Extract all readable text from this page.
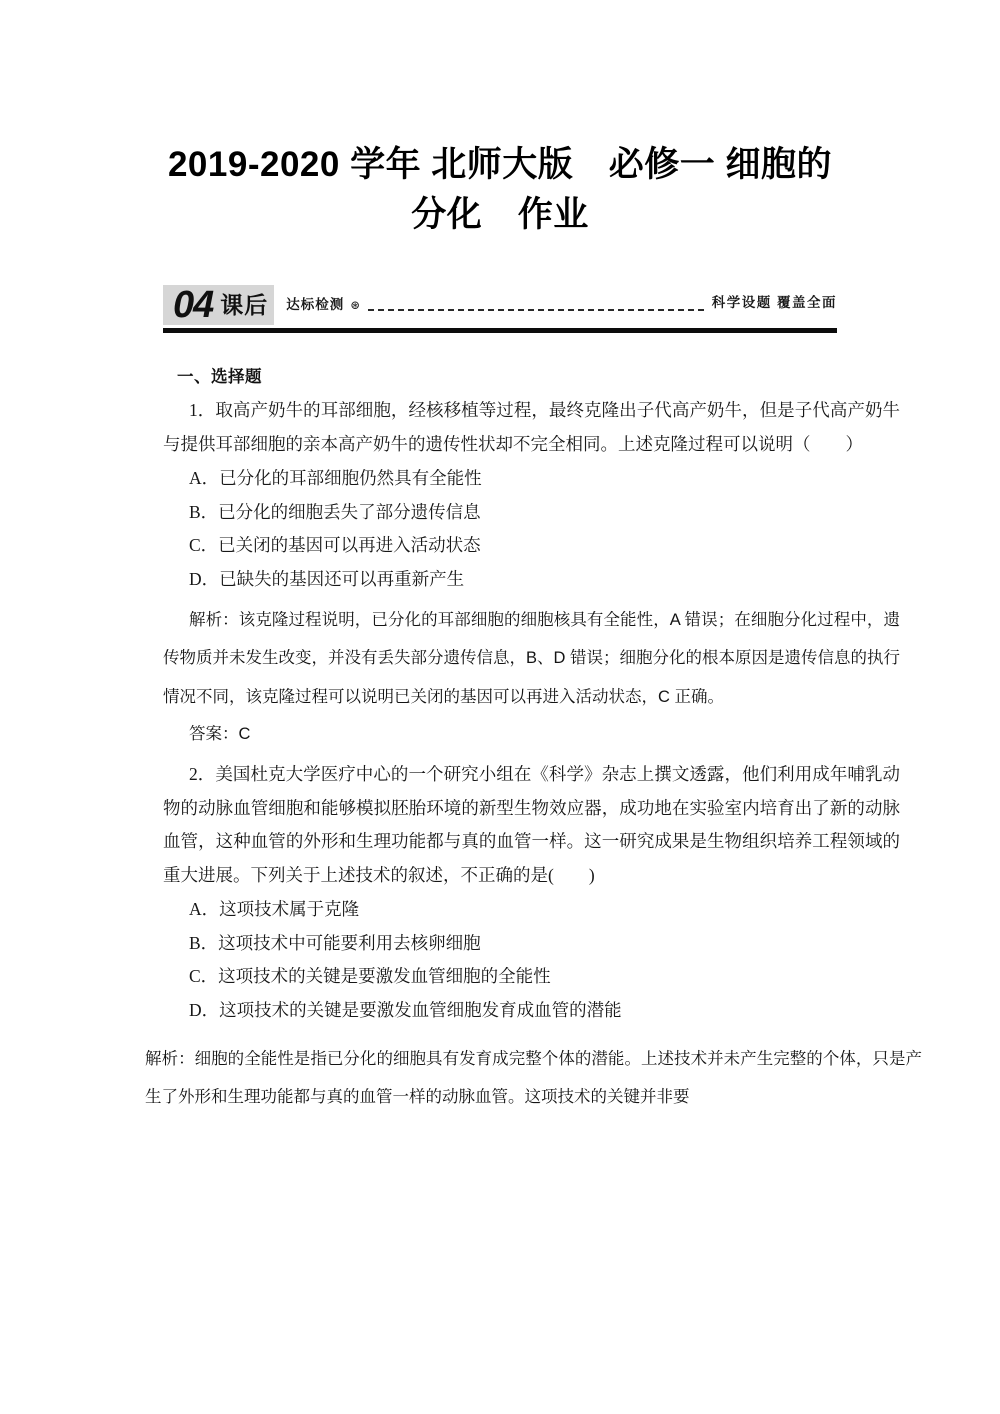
2019-2020 学年 北师大版　必修一 细胞的
分化　作业
04 课后 达标检测 ⊛	科学设题 覆盖全面
一、选择题

1．取高产奶牛的耳部细胞，经核移植等过程，最终克隆出子代高产奶牛，但是子代高产奶牛与提供耳部细胞的亲本高产奶牛的遗传性状却不完全相同。上述克隆过程可以说明（　　）

A．已分化的耳部细胞仍然具有全能性

B．已分化的细胞丢失了部分遗传信息

C．已关闭的基因可以再进入活动状态

D．已缺失的基因还可以再重新产生

解析：该克隆过程说明，已分化的耳部细胞的细胞核具有全能性，A 错误；在细胞分化过程中，遗传物质并未发生改变，并没有丢失部分遗传信息，B、D 错误；细胞分化的根本原因是遗传信息的执行情况不同，该克隆过程可以说明已关闭的基因可以再进入活动状态，C 正确。

答案：C

2．美国杜克大学医疗中心的一个研究小组在《科学》杂志上撰文透露，他们利用成年哺乳动物的动脉血管细胞和能够模拟胚胎环境的新型生物效应器，成功地在实验室内培育出了新的动脉血管，这种血管的外形和生理功能都与真的血管一样。这一研究成果是生物组织培养工程领域的重大进展。下列关于上述技术的叙述，不正确的是(　　)

A．这项技术属于克隆

B．这项技术中可能要利用去核卵细胞

C．这项技术的关键是要激发血管细胞的全能性

D．这项技术的关键是要激发血管细胞发育成血管的潜能

解析：细胞的全能性是指已分化的细胞具有发育成完整个体的潜能。上述技术并未产生完整的个体，只是产生了外形和生理功能都与真的血管一样的动脉血管。这项技术的关键并非要
